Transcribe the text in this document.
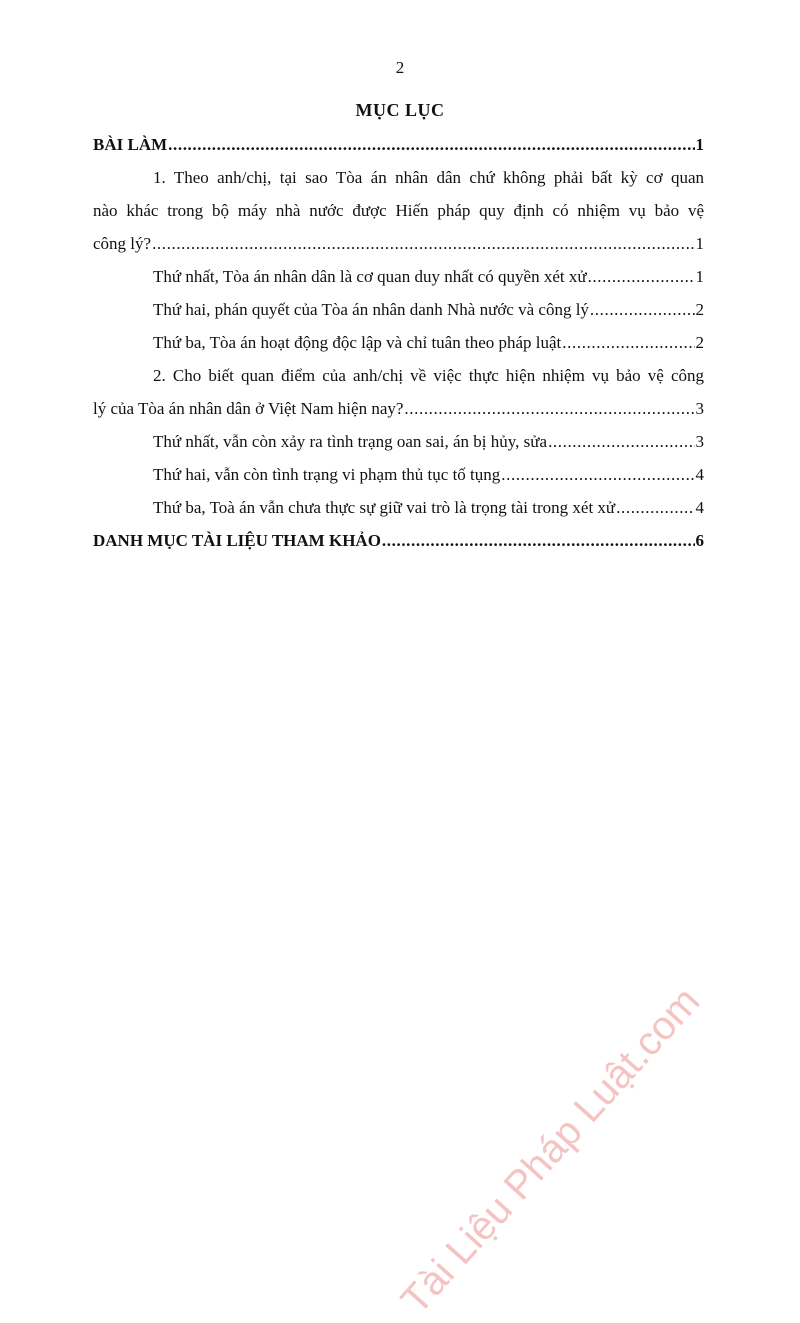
2
MỤC LỤC
BÀI LÀM .....	1
1. Theo anh/chị, tại sao Tòa án nhân dân chứ không phải bất kỳ cơ quan
nào khác trong bộ máy nhà nước được Hiến pháp quy định có nhiệm vụ bảo vệ
công lý? .....	1
Thứ nhất, Tòa án nhân dân là cơ quan duy nhất có quyền xét xử .....	1
Thứ hai, phán quyết của Tòa án nhân danh Nhà nước và công lý .....	2
Thứ ba, Tòa án hoạt động độc lập và chỉ tuân theo pháp luật .....	2
2. Cho biết quan điểm của anh/chị về việc thực hiện nhiệm vụ bảo vệ công
lý của Tòa án nhân dân ở Việt Nam hiện nay? .....	3
Thứ nhất, vẫn còn xảy ra tình trạng oan sai, án bị hủy, sửa .....	3
Thứ hai, vẫn còn tình trạng vi phạm thủ tục tố tụng .....	4
Thứ ba, Toà án vẫn chưa thực sự giữ vai trò là trọng tài trong xét xử .....	4
DANH MỤC TÀI LIỆU THAM KHẢO .....	6
Tài Liệu Pháp Luật.com
